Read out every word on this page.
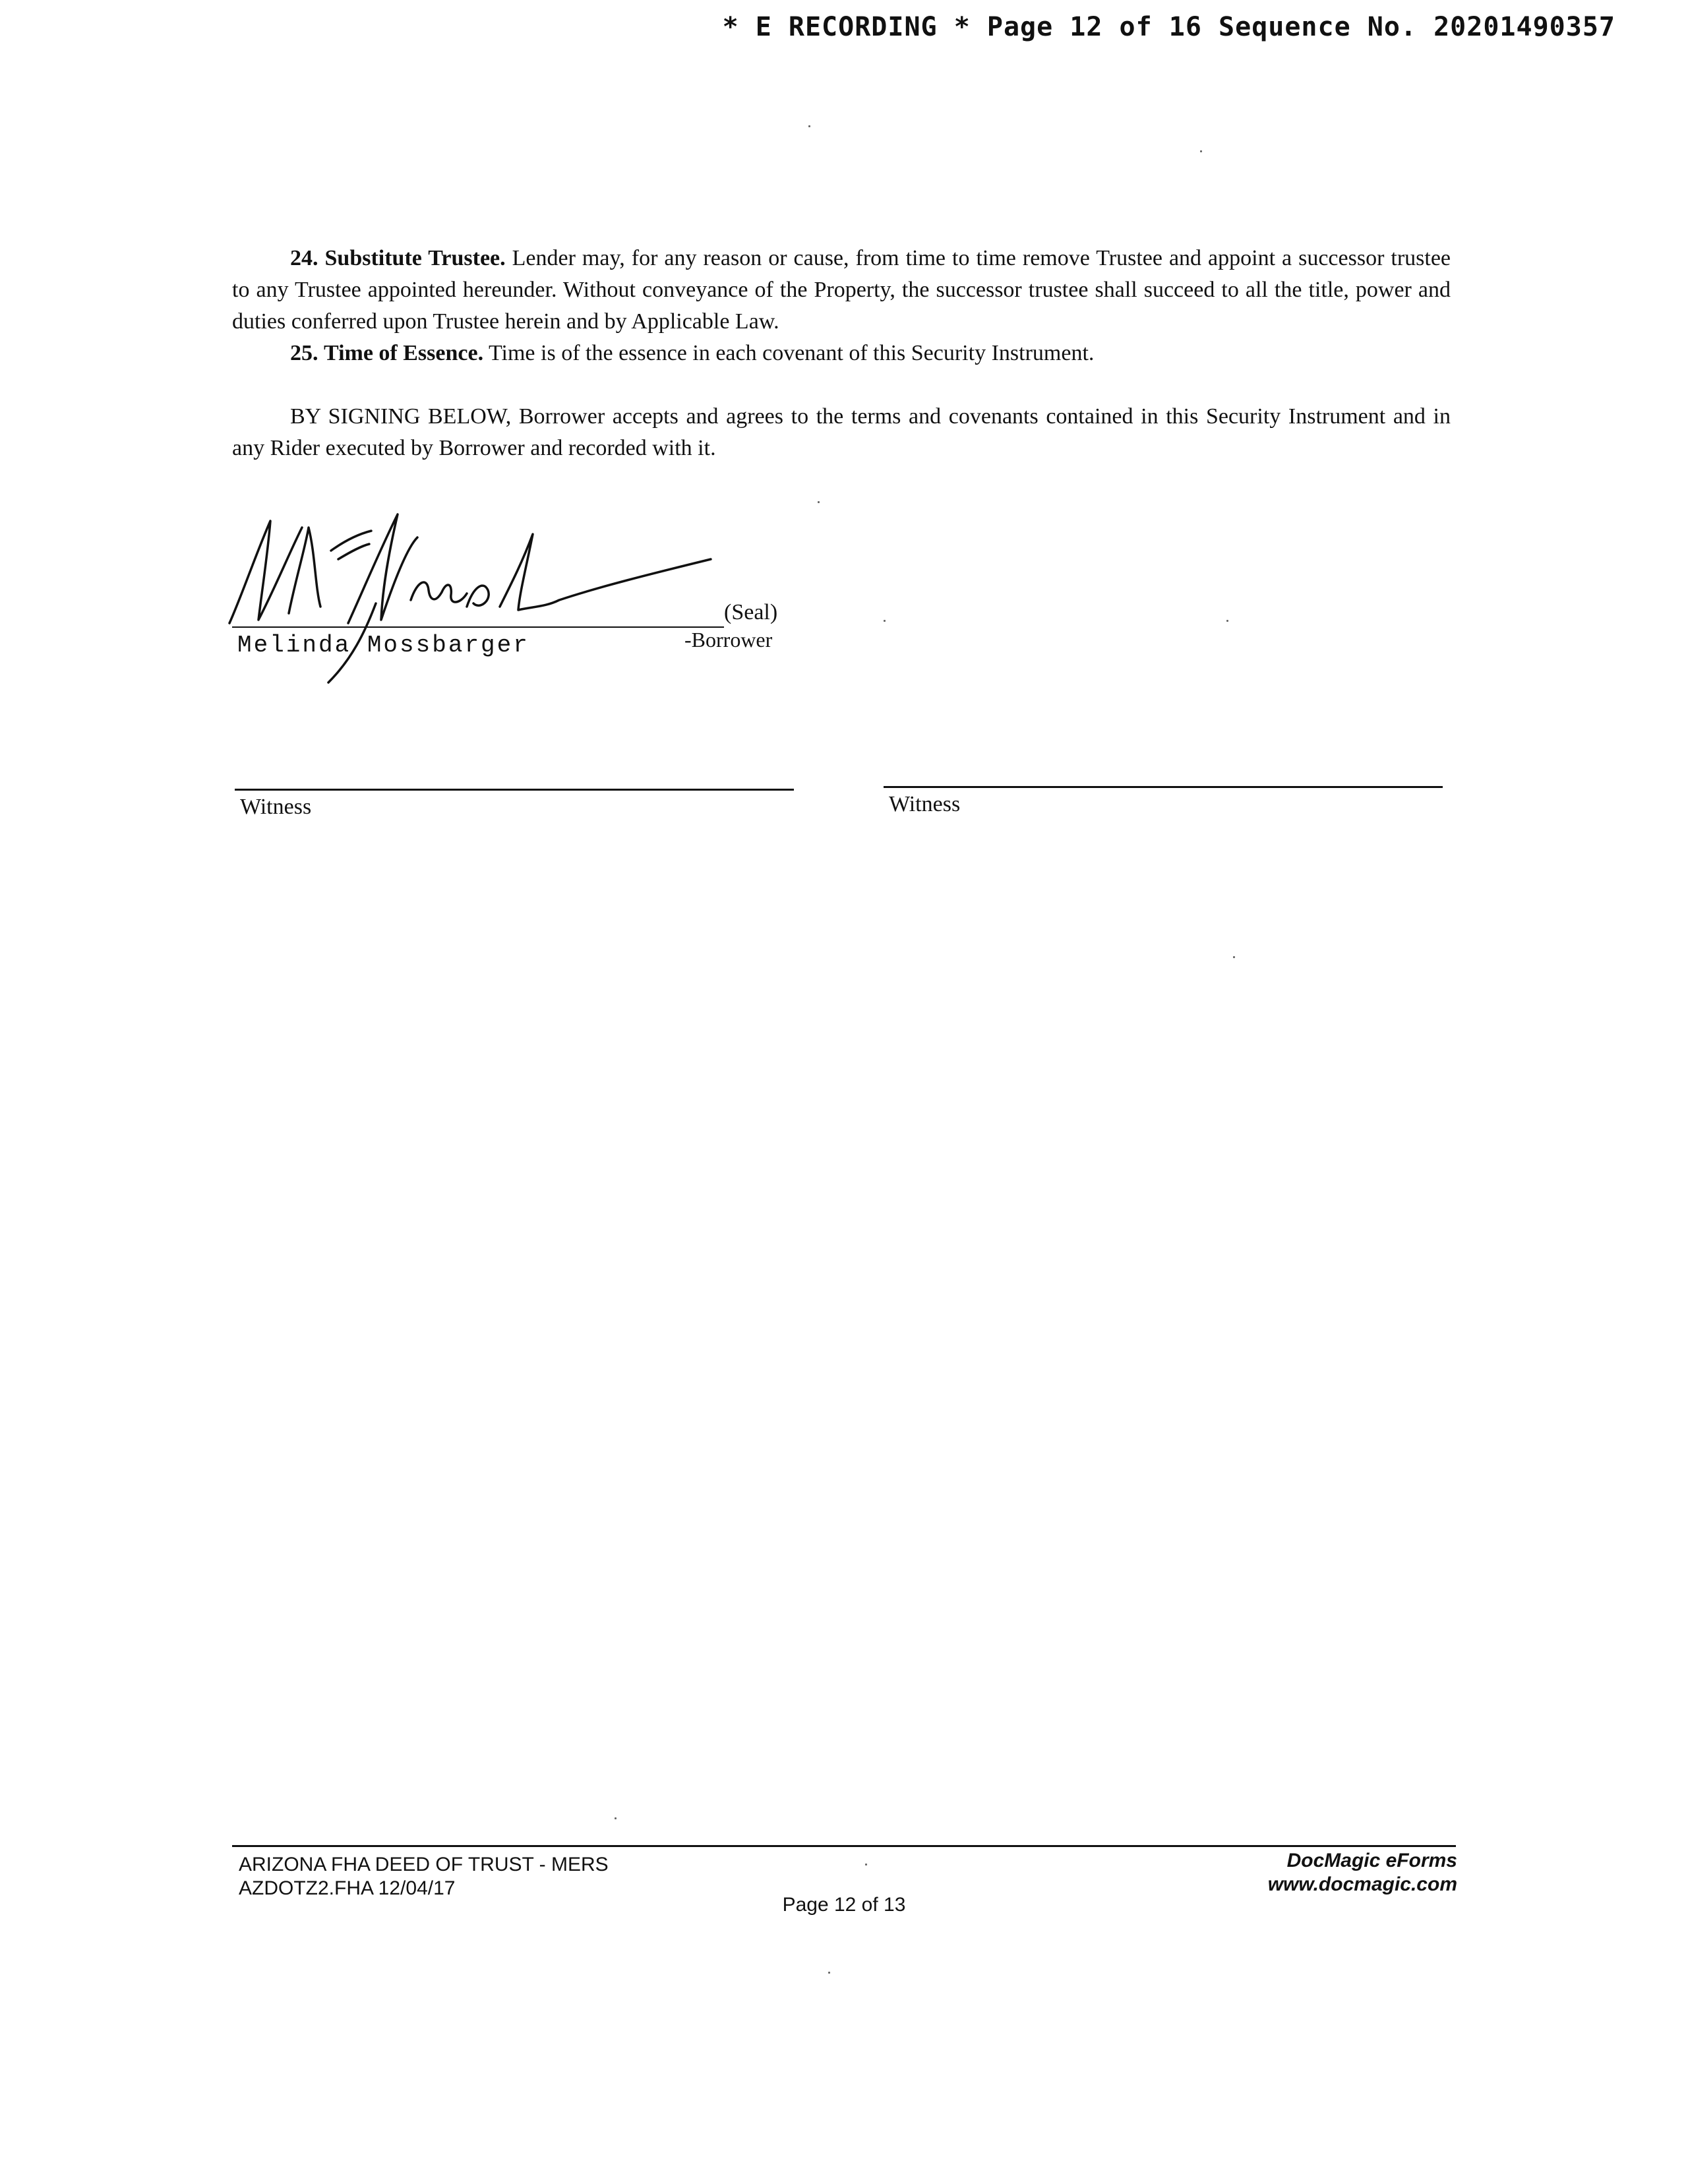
* E RECORDING * Page 12 of 16 Sequence No. 20201490357

24. Substitute Trustee. Lender may, for any reason or cause, from time to time remove Trustee and appoint a successor trustee to any Trustee appointed hereunder. Without conveyance of the Property, the successor trustee shall succeed to all the title, power and duties conferred upon Trustee herein and by Applicable Law.

25. Time of Essence. Time is of the essence in each covenant of this Security Instrument.

BY SIGNING BELOW, Borrower accepts and agrees to the terms and covenants contained in this Security Instrument and in any Rider executed by Borrower and recorded with it.

(Seal)
Melinda Mossbarger	-Borrower
Witness	Witness
ARIZONA FHA DEED OF TRUST - MERS
AZDOTZ2.FHA 12/04/17
DocMagic eForms
www.docmagic.com
Page 12 of 13
